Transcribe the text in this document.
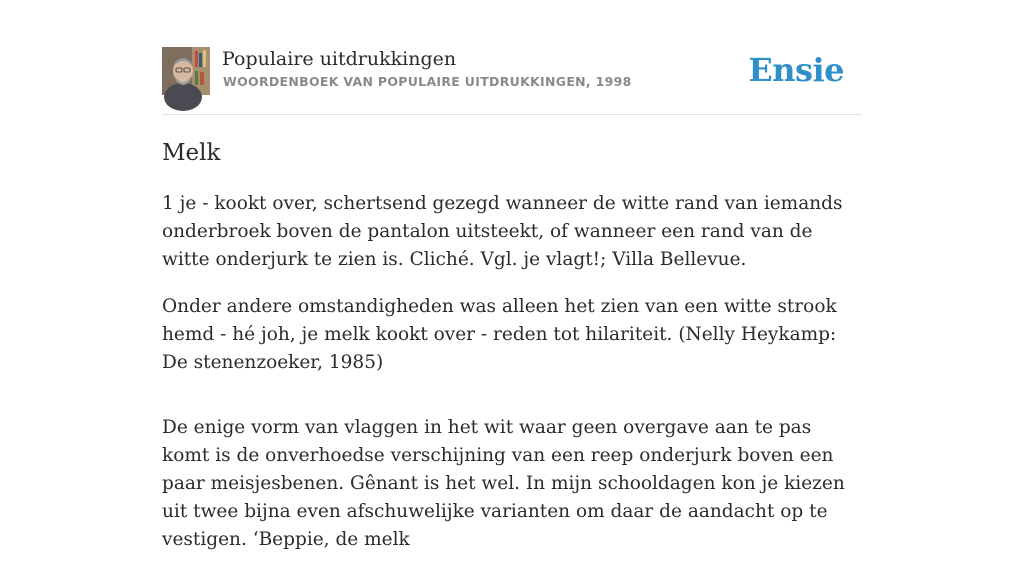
Populaire uitdrukkingen
WOORDENBOEK VAN POPULAIRE UITDRUKKINGEN, 1998	Ensie
Melk

1 je - kookt over, schertsend gezegd wanneer de witte rand van iemands onderbroek boven de pantalon uitsteekt, of wanneer een rand van de witte onderjurk te zien is. Cliché. Vgl. je vlagt!; Villa Bellevue.

Onder andere omstandigheden was alleen het zien van een witte strook hemd - hé joh, je melk kookt over - reden tot hilariteit. (Nelly Heykamp: De stenenzoeker, 1985)

De enige vorm van vlaggen in het wit waar geen overgave aan te pas komt is de onverhoedse verschijning van een reep onderjurk boven een paar meisjesbenen. Gênant is het wel. In mijn schooldagen kon je kiezen uit twee bijna even afschuwelijke varianten om daar de aandacht op te vestigen. ‘Beppie, de melk
